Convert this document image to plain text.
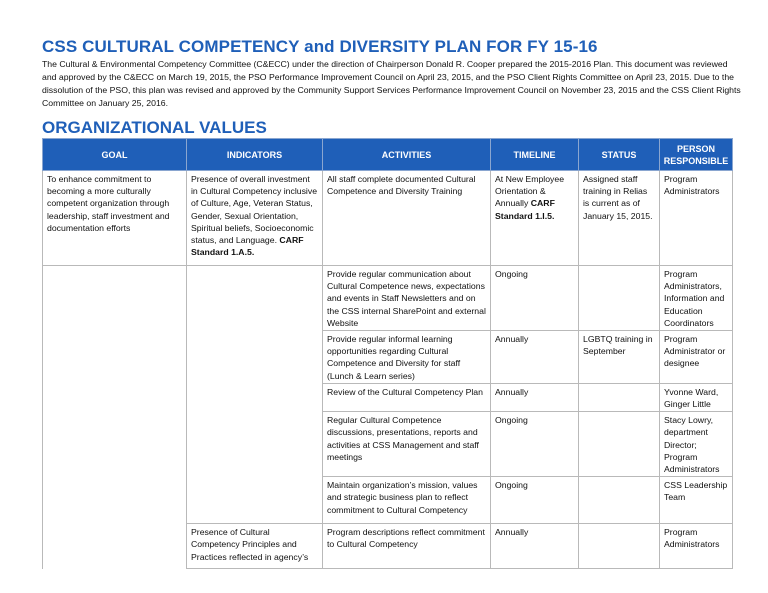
CSS CULTURAL COMPETENCY and DIVERSITY PLAN FOR FY 15-16
The Cultural & Environmental Competency Committee (C&ECC) under the direction of Chairperson Donald R. Cooper prepared the 2015-2016 Plan. This document was reviewed and approved by the C&ECC on March 19, 2015, the PSO Performance Improvement Council on April 23, 2015, and the PSO Client Rights Committee on April 23, 2015. Due to the dissolution of the PSO, this plan was revised and approved by the Community Support Services Performance Improvement Council on November 23, 2015 and the CSS Client Rights Committee on January 25, 2016.
ORGANIZATIONAL VALUES
GOAL	INDICATORS	ACTIVITIES	TIMELINE	STATUS	PERSON RESPONSIBLE
To enhance commitment to becoming a more culturally competent organization through leadership, staff investment and documentation efforts	Presence of overall investment in Cultural Competency inclusive of Culture, Age, Veteran Status, Gender, Sexual Orientation, Spiritual beliefs, Socioeconomic status, and Language. CARF Standard 1.A.5.	All staff complete documented Cultural Competence and Diversity Training	At New Employee Orientation & Annually CARF Standard 1.I.5.	Assigned staff training in Relias is current as of January 15, 2015.	Program Administrators
		Provide regular communication about Cultural Competence news, expectations and events in Staff Newsletters and on the CSS internal SharePoint and external Website	Ongoing		Program Administrators, Information and Education Coordinators
		Provide regular informal learning opportunities regarding Cultural Competence and Diversity for staff (Lunch & Learn series)	Annually	LGBTQ training in September	Program Administrator or designee
		Review of the Cultural Competency Plan	Annually		Yvonne Ward, Ginger Little
		Regular Cultural Competence discussions, presentations, reports and activities at CSS Management and staff meetings	Ongoing		Stacy Lowry, department Director; Program Administrators
		Maintain organization’s mission, values and strategic business plan to reflect commitment to Cultural Competency	Ongoing		CSS Leadership Team
	Presence of Cultural Competency Principles and Practices reflected in agency’s	Program descriptions reflect commitment to Cultural Competency	Annually		Program Administrators
